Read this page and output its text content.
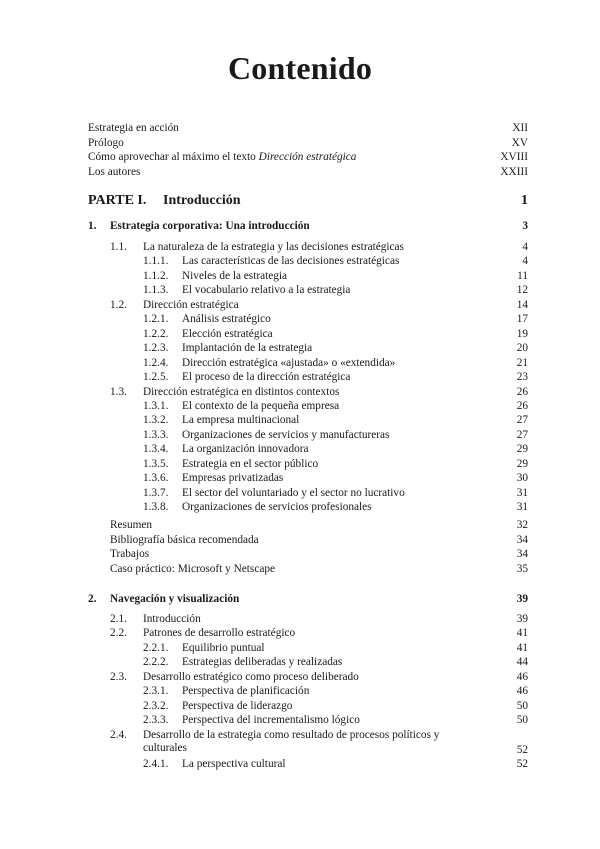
Contenido
Estrategia en acción	XII
Prólogo	XV
Cómo aprovechar al máximo el texto Dirección estratégica	XVIII
Los autores	XXIII
PARTE I.	Introducción	1
1.	Estrategia corporativa: Una introducción	3
1.1.	La naturaleza de la estrategia y las decisiones estratégicas	4
1.1.1.	Las características de las decisiones estratégicas	4
1.1.2.	Niveles de la estrategia	11
1.1.3.	El vocabulario relativo a la estrategia	12
1.2.	Dirección estratégica	14
1.2.1.	Análisis estratégico	17
1.2.2.	Elección estratégica	19
1.2.3.	Implantación de la estrategia	20
1.2.4.	Dirección estratégica «ajustada» o «extendida»	21
1.2.5.	El proceso de la dirección estratégica	23
1.3.	Dirección estratégica en distintos contextos	26
1.3.1.	El contexto de la pequeña empresa	26
1.3.2.	La empresa multinacional	27
1.3.3.	Organizaciones de servicios y manufactureras	27
1.3.4.	La organización innovadora	29
1.3.5.	Estrategia en el sector público	29
1.3.6.	Empresas privatizadas	30
1.3.7.	El sector del voluntariado y el sector no lucrativo	31
1.3.8.	Organizaciones de servicios profesionales	31
Resumen	32
Bibliografía básica recomendada	34
Trabajos	34
Caso práctico: Microsoft y Netscape	35
2.	Navegación y visualización	39
2.1.	Introducción	39
2.2.	Patrones de desarrollo estratégico	41
2.2.1.	Equilibrio puntual	41
2.2.2.	Estrategias deliberadas y realizadas	44
2.3.	Desarrollo estratégico como proceso deliberado	46
2.3.1.	Perspectiva de planificación	46
2.3.2.	Perspectiva de liderazgo	50
2.3.3.	Perspectiva del incrementalismo lógico	50
2.4.	Desarrollo de la estrategia como resultado de procesos políticos y culturales	52
2.4.1.	La perspectiva cultural	52
